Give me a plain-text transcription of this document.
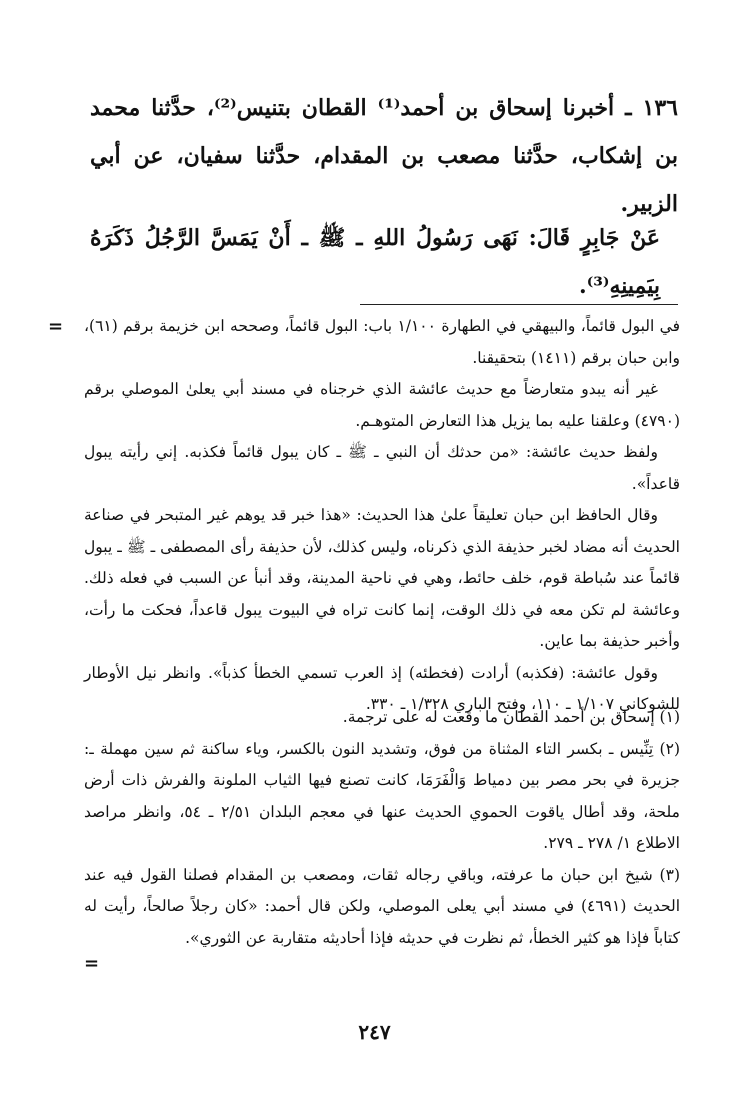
١٣٦ ـ أخبرنا إسحاق بن أحمد⁽¹⁾ القطان بتنيس⁽²⁾، حدَّثنا محمد بن إشكاب، حدَّثنا مصعب بن المقدام، حدَّثنا سفيان، عن أبي الزبير.

عَنْ جَابِرٍ قَالَ: نَهَى رَسُولُ اللهِ ـ ﷺ ـ أَنْ يَمَسَّ الرَّجُلُ ذَكَرَهُ بِيَمِينِهِ⁽³⁾.

= في البول قائماً، والبيهقي في الطهارة ١/١٠٠ باب: البول قائماً، وصححه ابن خزيمة برقم (٦١)، وابن حبان برقم (١٤١١) بتحقيقنا.

غير أنه يبدو متعارضاً مع حديث عائشة الذي خرجناه في مسند أبي يعلىٰ الموصلي برقم (٤٧٩٠) وعلقنا عليه بما يزيل هذا التعارض المتوهـم.

ولفظ حديث عائشة: «من حدثك أن النبي ـ ﷺ ـ كان يبول قائماً فكذبه. إني رأيته يبول قاعداً».

وقال الحافظ ابن حبان تعليقاً علىٰ هذا الحديث: «هذا خبر قد يوهم غير المتبحر في صناعة الحديث أنه مضاد لخبر حذيفة الذي ذكرناه، وليس كذلك، لأن حذيفة رأى المصطفى ـ ﷺ ـ يبول قائماً عند سُباطة قوم، خلف حائط، وهي في ناحية المدينة، وقد أنبأ عن السبب في فعله ذلك. وعائشة لم تكن معه في ذلك الوقت، إنما كانت تراه في البيوت يبول قاعداً، فحكت ما رأت، وأخبر حذيفة بما عاين.

وقول عائشة: (فكذبه) أرادت (فخطئه) إذ العرب تسمي الخطأ كذباً». وانظر نيل الأوطار للشوكاني ١/١٠٧ ـ ١١٠، وفتح الباري ١/٣٢٨ ـ ٣٣٠.

(١) إسحاق بن أحمد القطان ما وقعت له على ترجمة.

(٢) تِنِّيس ـ بكسر التاء المثناة من فوق، وتشديد النون بالكسر، وياء ساكنة ثم سين مهملة ـ: جزيرة في بحر مصر بين دمياط وَالْفَرَمَا، كانت تصنع فيها الثياب الملونة والفرش ذات أرض ملحة، وقد أطال ياقوت الحموي الحديث عنها في معجم البلدان ٢/٥١ ـ ٥٤، وانظر مراصد الاطلاع ١/ ٢٧٨ ـ ٢٧٩.

(٣) شيخ ابن حبان ما عرفته، وباقي رجاله ثقات، ومصعب بن المقدام فصلنا القول فيه عند الحديث (٤٦٩١) في مسند أبي يعلى الموصلي، ولكن قال أحمد: «كان رجلاً صالحاً، رأيت له كتاباً فإذا هو كثير الخطأ، ثم نظرت في حديثه فإذا أحاديثه متقاربة عن الثوري».

=
٢٤٧
